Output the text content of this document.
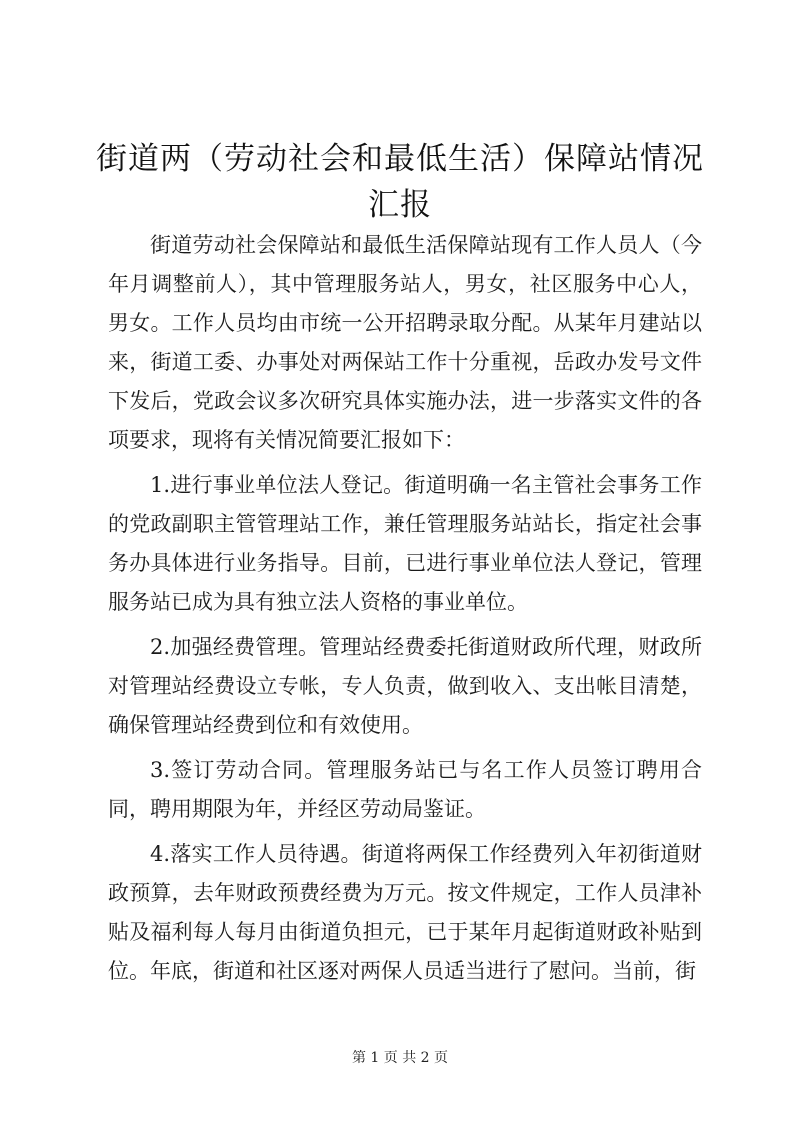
街道两（劳动社会和最低生活）保障站情况汇报

街道劳动社会保障站和最低生活保障站现有工作人员人（今年月调整前人），其中管理服务站人，男女，社区服务中心人，男女。工作人员均由市统一公开招聘录取分配。从某年月建站以来，街道工委、办事处对两保站工作十分重视，岳政办发号文件下发后，党政会议多次研究具体实施办法，进一步落实文件的各项要求，现将有关情况简要汇报如下：

1.进行事业单位法人登记。街道明确一名主管社会事务工作的党政副职主管管理站工作，兼任管理服务站站长，指定社会事务办具体进行业务指导。目前，已进行事业单位法人登记，管理服务站已成为具有独立法人资格的事业单位。

2.加强经费管理。管理站经费委托街道财政所代理，财政所对管理站经费设立专帐，专人负责，做到收入、支出帐目清楚，确保管理站经费到位和有效使用。

3.签订劳动合同。管理服务站已与名工作人员签订聘用合同，聘用期限为年，并经区劳动局鉴证。

4.落实工作人员待遇。街道将两保工作经费列入年初街道财政预算，去年财政预费经费为万元。按文件规定，工作人员津补贴及福利每人每月由街道负担元，已于某年月起街道财政补贴到位。年底，街道和社区逐对两保人员适当进行了慰问。当前，街

第 1 页 共 2 页
